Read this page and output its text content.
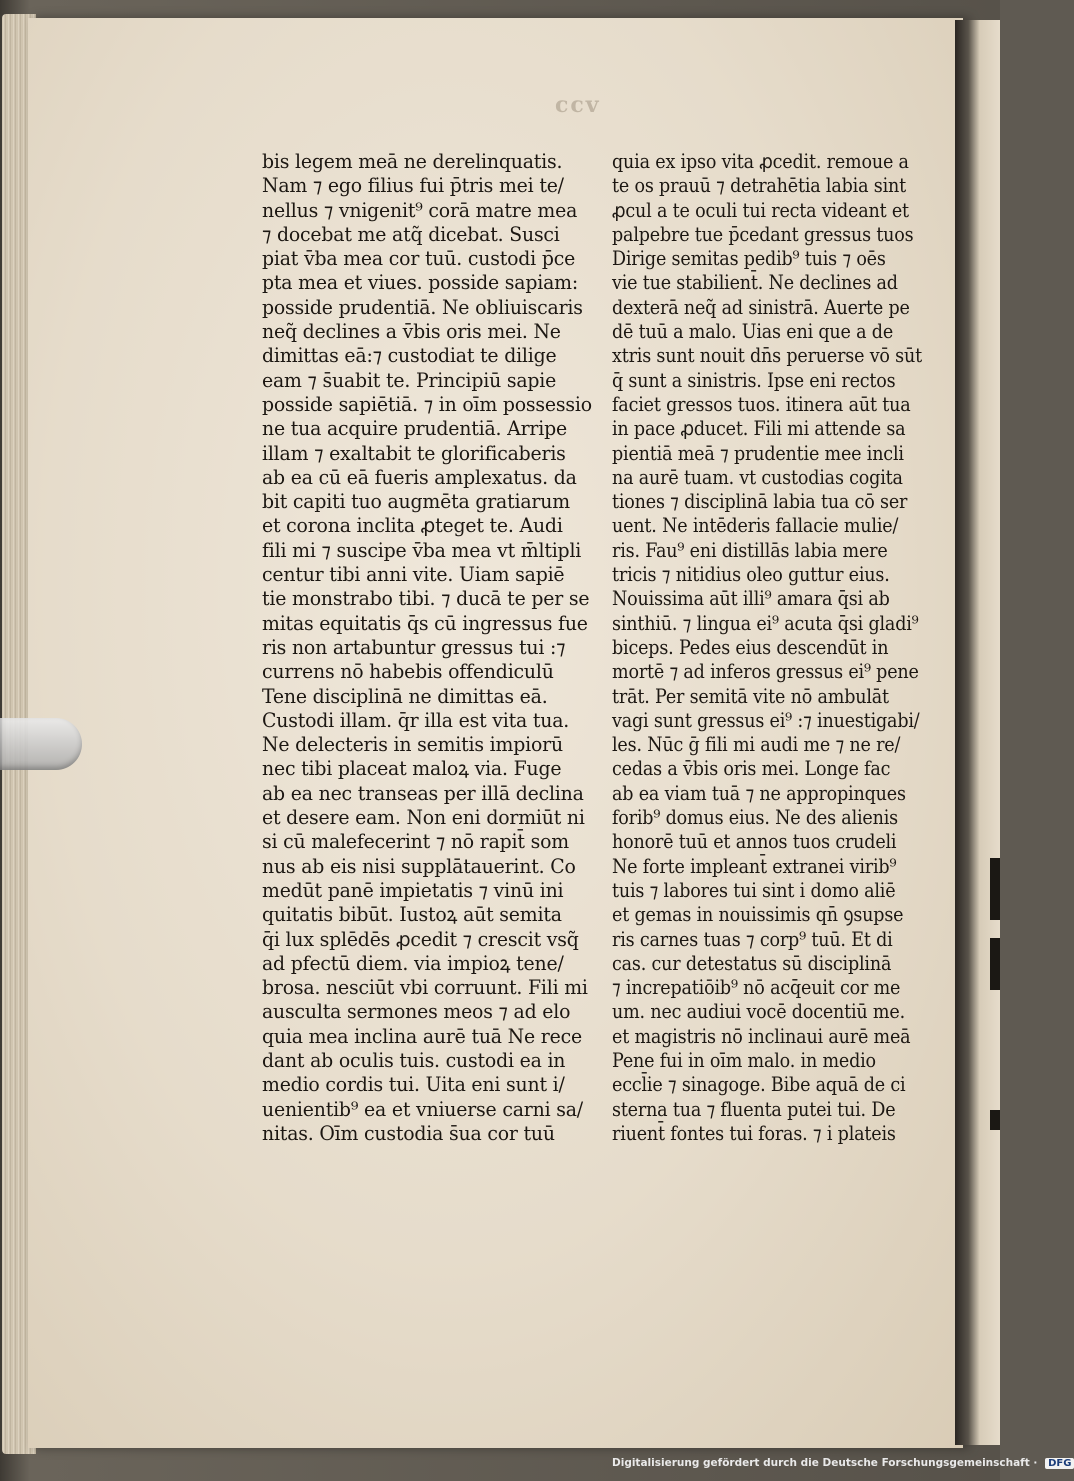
ccv
bis legem meā ne derelinquatis.
Nam ⁊ ego filius fui p̄tris mei te/
nellus ⁊ vnigenit⁹ corā matre mea
⁊ docebat me atq̃ dicebat. Susci
piat v̄ba mea cor tuū. custodi p̄ce
pta mea et viues. posside sapiam:
posside prudentiā. Ne obliuiscaris
neq̃ declines a v̄bis oris mei. Ne
dimittas eā:⁊ custodiat te dilige
eam ⁊ s̄uabit te. Principiū sapie
posside sapiētiā. ⁊ in oīm possessio
ne tua acquire prudentiā. Arripe
illam ⁊ exaltabit te glorificaberis
ab ea cū eā fueris amplexatus. da
bit capiti tuo augmēta gratiarum
et corona inclita ꝓteget te. Audi
fili mi ⁊ suscipe v̄ba mea vt m̄ltipli
centur tibi anni vite. Uiam sapiē
tie monstrabo tibi. ⁊ ducā te per se
mitas equitatis q̄s cū ingressus fue
ris non artabuntur gressus tui :⁊
currens nō habebis offendiculū
Tene disciplinā ne dimittas eā.
Custodi illam. q̄r illa est vita tua.
Ne delecteris in semitis impiorū
nec tibi placeat maloꝝ via. Fuge
ab ea nec transeas per illā declina
et desere eam. Non eni dormiūt ni
si cū malefecerint ⁊ nō rapit̄ som
nus ab eis nisi supplātauerint. Co
medūt panē impietatis ⁊ vinū ini
quitatis bibūt. Iustoꝝ aūt semita
q̄i lux splēdēs ꝓcedit ⁊ crescit vsq̃
ad pfectū diem. via impioꝝ tene/
brosa. nesciūt vbi corruunt. Fili mi
ausculta sermones meos ⁊ ad elo
quia mea inclina aurē tuā Ne rece
dant ab oculis tuis. custodi ea in
medio cordis tui. Uita eni sunt i/
uenientib⁹ ea et vniuerse carni sa/
nitas. Oīm custodia s̄ua cor tuū
quia ex ipso vita ꝓcedit. remoue a
te os prauū ⁊ detrahētia labia sint
ꝓcul a te oculi tui recta videant et
palpebre tue p̄cedant gressus tuos
Dirige semitas pedib⁹ tuis ⁊ oēs
vie tue stabilient̄. Ne declines ad
dexterā neq̃ ad sinistrā. Auerte pe
dē tuū a malo. Uias eni que a de
xtris sunt nouit dn̄s peruerse vō sūt
q̄ sunt a sinistris. Ipse eni rectos
faciet gressos tuos. itinera aūt tua
in pace ꝓducet. Fili mi attende sa
pientiā meā ⁊ prudentie mee incli
na aurē tuam. vt custodias cogita
tiones ⁊ disciplinā labia tua cō ser
uent. Ne intēderis fallacie mulie/
ris. Fau⁹ eni distillās labia mere
tricis ⁊ nitidius oleo guttur eius.
Nouissima aūt illi⁹ amara q̄si ab
sinthiū. ⁊ lingua ei⁹ acuta q̄si gladi⁹
biceps. Pedes eius descendūt in
mortē ⁊ ad inferos gressus ei⁹ pene
trāt. Per semitā vite nō ambulāt
vagi sunt gressus ei⁹ :⁊ inuestigabi/
les. Nūc ḡ fili mi audi me ⁊ ne re/
cedas a v̄bis oris mei. Longe fac
ab ea viam tuā ⁊ ne appropinques
forib⁹ domus eius. Ne des alienis
honorē tuū et annos tuos crudeli
Ne forte impleant̄ extranei virib⁹
tuis ⁊ labores tui sint i domo aliē
et gemas in nouissimis qn̄ ꝯsupse
ris carnes tuas ⁊ corp⁹ tuū. Et di
cas. cur detestatus sū disciplinā
⁊ increpatiōib⁹ nō acq̄euit cor me
um. nec audiui vocē docentiū me.
et magistris nō inclinaui aurē meā
Pene fui in oīm malo. in medio
eccl̄ie ⁊ sinagoge. Bibe aquā de ci
sterna tua ⁊ fluenta putei tui. De
riuent̄ fontes tui foras. ⁊ i plateis
Digitalisierung gefördert durch die Deutsche Forschungsgemeinschaft · DFG
